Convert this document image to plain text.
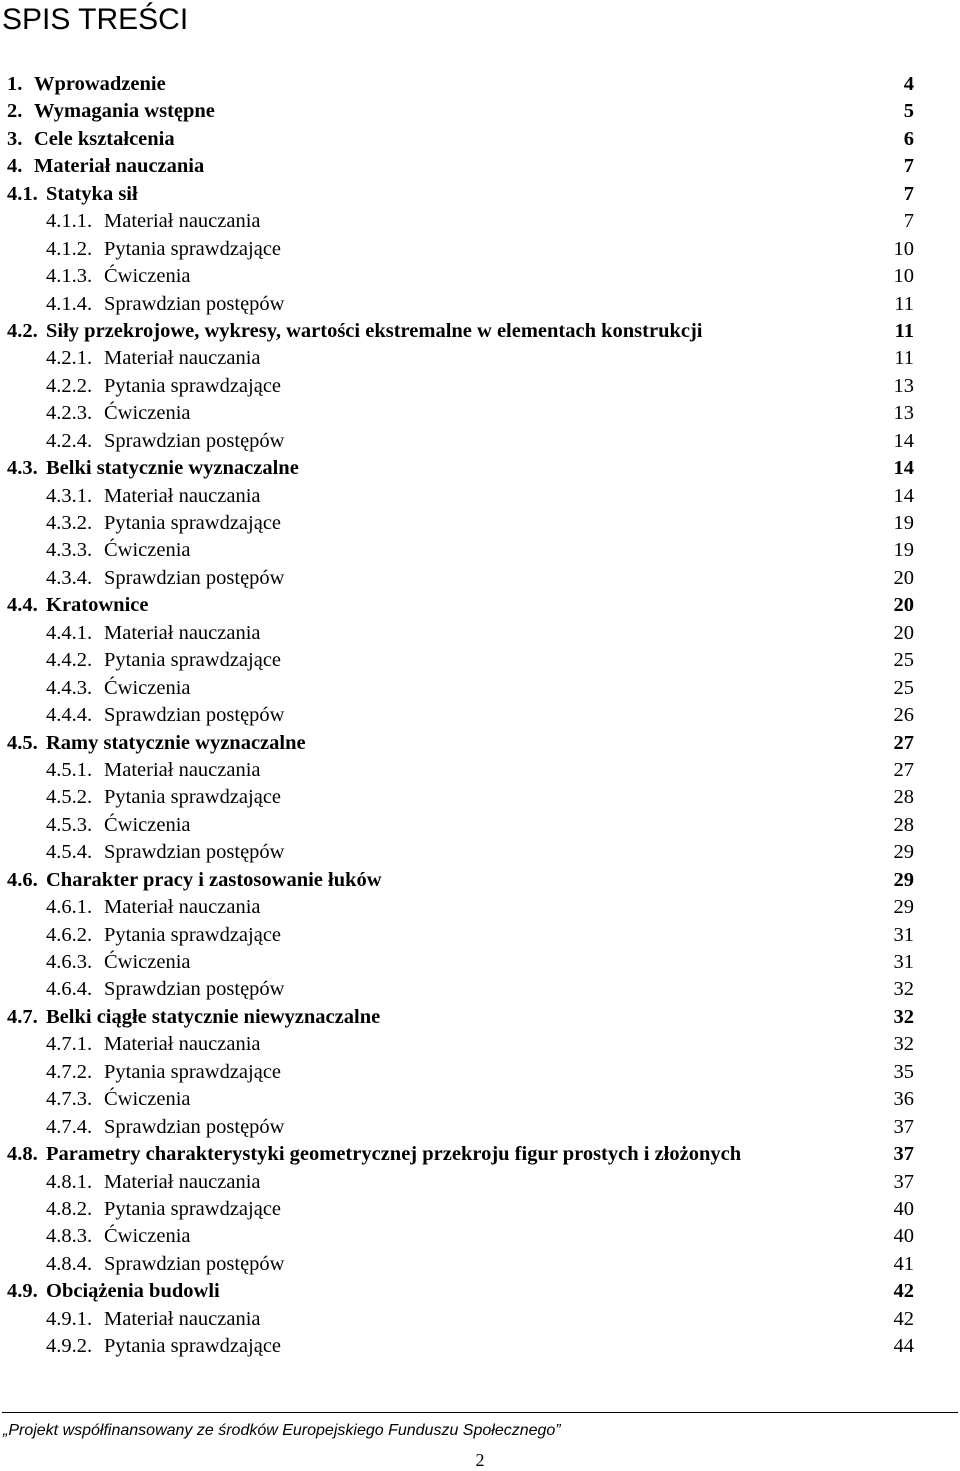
SPIS TREŚCI
1. Wprowadzenie	4
2. Wymagania wstępne	5
3. Cele kształcenia	6
4. Materiał nauczania	7
4.1. Statyka sił	7
4.1.1. Materiał nauczania	7
4.1.2. Pytania sprawdzające	10
4.1.3. Ćwiczenia	10
4.1.4. Sprawdzian postępów	11
4.2. Siły przekrojowe, wykresy, wartości ekstremalne w elementach konstrukcji	11
4.2.1. Materiał nauczania	11
4.2.2. Pytania sprawdzające	13
4.2.3. Ćwiczenia	13
4.2.4. Sprawdzian postępów	14
4.3. Belki statycznie wyznaczalne	14
4.3.1. Materiał nauczania	14
4.3.2. Pytania sprawdzające	19
4.3.3. Ćwiczenia	19
4.3.4. Sprawdzian postępów	20
4.4. Kratownice	20
4.4.1. Materiał nauczania	20
4.4.2. Pytania sprawdzające	25
4.4.3. Ćwiczenia	25
4.4.4. Sprawdzian postępów	26
4.5. Ramy statycznie wyznaczalne	27
4.5.1. Materiał nauczania	27
4.5.2. Pytania sprawdzające	28
4.5.3. Ćwiczenia	28
4.5.4. Sprawdzian postępów	29
4.6. Charakter pracy i zastosowanie łuków	29
4.6.1. Materiał nauczania	29
4.6.2. Pytania sprawdzające	31
4.6.3. Ćwiczenia	31
4.6.4. Sprawdzian postępów	32
4.7. Belki ciągłe statycznie niewyznaczalne	32
4.7.1. Materiał nauczania	32
4.7.2. Pytania sprawdzające	35
4.7.3. Ćwiczenia	36
4.7.4. Sprawdzian postępów	37
4.8. Parametry charakterystyki geometrycznej przekroju figur prostych i złożonych	37
4.8.1. Materiał nauczania	37
4.8.2. Pytania sprawdzające	40
4.8.3. Ćwiczenia	40
4.8.4. Sprawdzian postępów	41
4.9. Obciążenia budowli	42
4.9.1. Materiał nauczania	42
4.9.2. Pytania sprawdzające	44
„Projekt współfinansowany ze środków Europejskiego Funduszu Społecznego”
2
